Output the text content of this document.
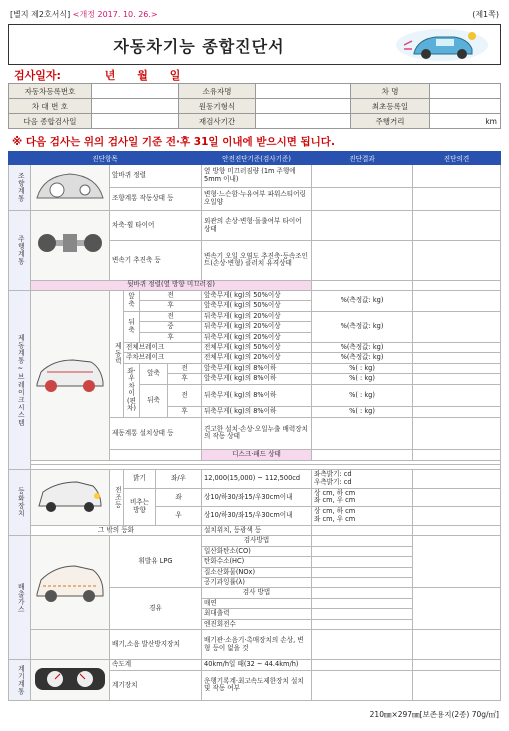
[별지 제2호서식] <개정 2017. 10. 26.>	(제1쪽)
자동차기능 종합진단서
검사일자:	년 월 일
자동차등록번호		소유자명		차 명	
차 대 번 호		원동기형식		최초등록일	
다음 종합검사일		재검사기간		주행거리	km
※ 다음 검사는 위의 검사일 기준 전·후 31일 이내에 받으시면 됩니다.
진단항목							안전진단기준(검사기준)	진단결과	진단의견

조향계통		앞바퀴 정렬					옆 방향 미끄러짐량 (1m 주행에 5mm 이내)		
		조향계통 작동상태 등					변형·느슨함·누유여부 파워스티어링 오일양		

주행계통		차축·휠 타이어					외관의 손상·변형·돌출여부 타이어 상태		
		변속기 추진축 등					변속기 오일 오염도 추진축·등속조인트(손상·변형) 클러치 유격상태		
	뒷바퀴 정렬(옆 방향 미끄러짐)								

제동계통~브레이크시스템		제동력	앞축	전			앞축무게( kg)의 50%이상	%(측정값: kg)	
				후			앞축무게( kg)의 50%이상		
			뒤축	전			뒤축무게( kg)의 20%이상	%(측정값: kg)	
				중			뒤축무게( kg)의 20%이상		
				후			뒤축무게( kg)의 20%이상		
			전체브레이크				전체무게( kg)의 50%이상	%(측정값: kg)	
			주차브레이크				전체무게( kg)의 20%이상	%(측정값: kg)	
			좌·우 차이(편차)	앞축		전	앞축무게( kg)의 8%이하	%( : kg)	
						후	앞축무게( kg)의 8%이하	%( : kg)	
				뒤축		전	뒤축무게( kg)의 8%이하	%( : kg)	
						후	뒤축무게( kg)의 8%이하	%( : kg)	
		제동계통 설치상태 등					견고한 설치·손상·오일누출 배력장치의 작동 상태		
							디스크·패드 상태		

등화장치		전조등	밝기		좌/우		12,000(15,000) ~ 112,500cd	좌측밝기: cd
우측밝기: cd	

			비추는 방향		좌		상10/하30/좌15/우30cm이내	상 cm, 하 cm
좌 cm, 우 cm	

					우		상10/하30/좌15/우30cm이내	상 cm, 하 cm
좌 cm, 우 cm	

	그 밖의 등화						설치위치, 등광색 등		

배출가스		휘발유 LPG					검사방법		
							일산화탄소(CO)		
							탄화수소(HC)		
							질소산화물(NOx)		
							공기과잉률(λ)		
		경유					검사 방법		
							매연		
							최대출력		
							엔진회전수		
		배기,소음 발산방지장치					배기관·소음기·촉매장치의 손상, 변형 등이 없을 것		

계기계통		속도계					40km/h일 때(32 ~ 44.4km/h)		
		계기장치					운행기록계·최고속도제한장치 설치 및 작동 여부		
210㎜×297㎜[보존용지(2종) 70g/㎡]
